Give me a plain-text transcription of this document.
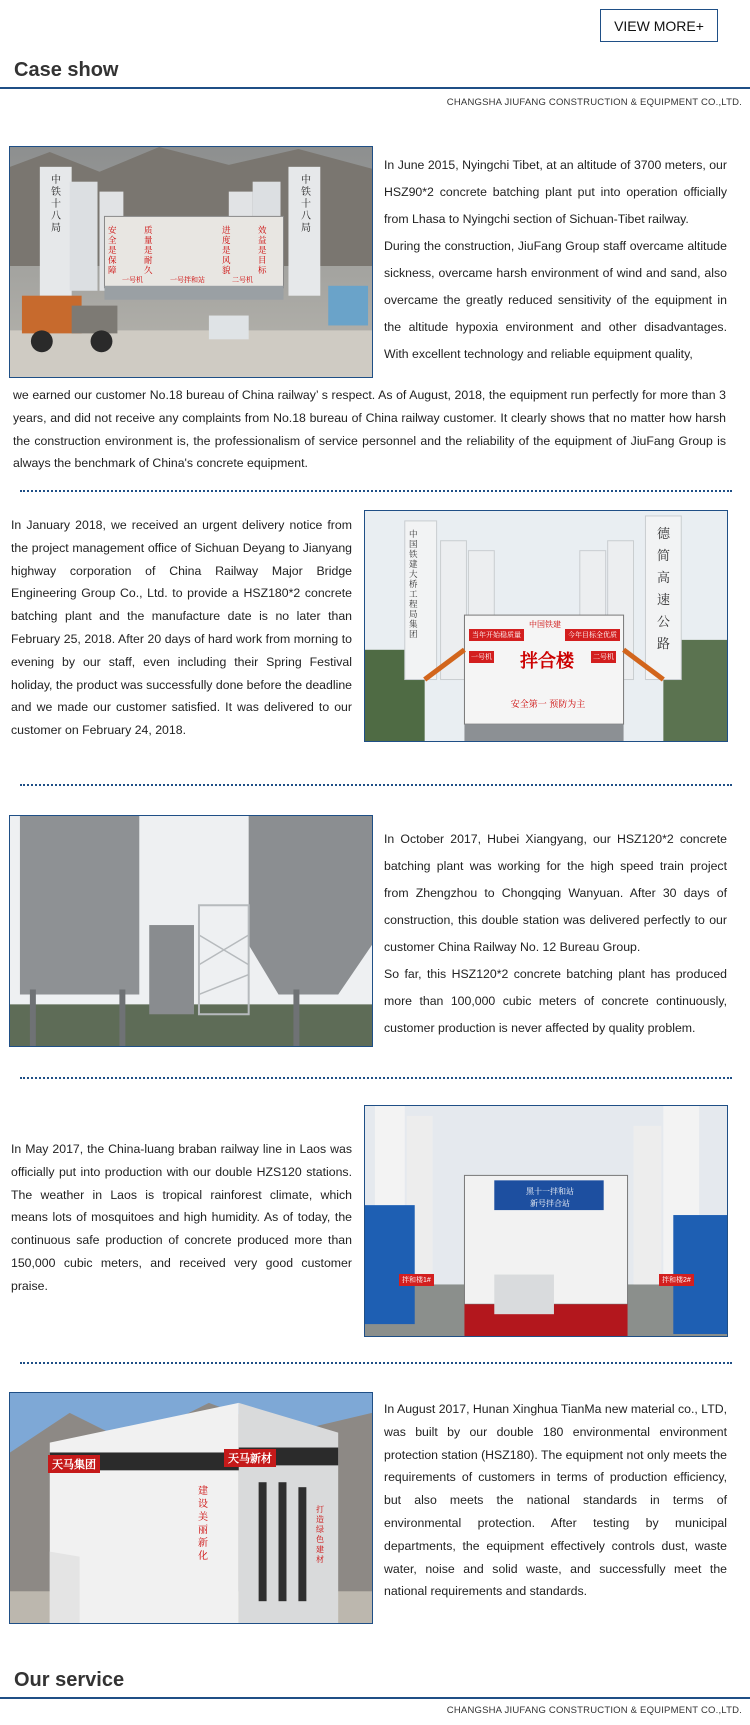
VIEW MORE+
Case show
CHANGSHA JIUFANG CONSTRUCTION & EQUIPMENT CO.,LTD.
中铁十八局
中铁十八局
安全是保障
质量是耐久
进度是风貌
效益是目标
一号机	一号拌和站	二号机

In June 2015, Nyingchi Tibet, at an altitude of 3700 meters, our HSZ90*2 concrete batching plant put into operation officially from Lhasa to Nyingchi section of Sichuan-Tibet railway.

During the construction, JiuFang Group staff overcame altitude sickness, overcame harsh environment of wind and sand, also overcame the greatly reduced sensitivity of the equipment in the altitude hypoxia environment and other disadvantages. With excellent technology and reliable equipment quality,

we earned our customer No.18 bureau of China railway’ s respect. As of August, 2018, the equipment run perfectly for more than 3 years, and did not receive any complaints from No.18 bureau of China railway customer. It clearly shows that no matter how harsh the construction environment is, the professionalism of service personnel and the reliability of the equipment of JiuFang Group is always the benchmark of China's concrete equipment.
In January 2018, we received an urgent delivery notice from the project management office of Sichuan Deyang to Jianyang highway corporation of China Railway Major Bridge Engineering Group Co., Ltd. to provide a HSZ180*2 concrete batching plant and the manufacture date is no later than February 25, 2018. After 20 days of hard work from morning to evening by our staff, even including their Spring Festival holiday, the product was successfully done before the deadline and we made our customer satisfied. It was delivered to our customer on February 24, 2018.
中国铁建大桥工程局集团
德简高速公路
中国铁建
当年开始稳质量	今年目标全优质
拌合楼
一号机	二号机
安全第一 预防为主

In October 2017, Hubei Xiangyang, our HSZ120*2 concrete batching plant was working for the high speed train project from Zhengzhou to Chongqing Wanyuan. After 30 days of construction, this double station was delivered perfectly to our customer China Railway No. 12 Bureau Group.

So far, this HSZ120*2 concrete batching plant has produced more than 100,000 cubic meters of concrete continuously, customer production is never affected by quality problem.

In May 2017, the China-luang braban railway line in Laos was officially put into production with our double HZS120 stations. The weather in Laos is tropical rainforest climate, which means lots of mosquitoes and high humidity. As of today, the continuous safe production of concrete produced more than 150,000 cubic meters, and received very good customer praise.
黑十一拌和站
新号拌合站
拌和楼1#	拌和楼2#
天马集团	天马新材
建设美丽新化
打造绿色建材
In August 2017, Hunan Xinghua TianMa new material co., LTD, was built by our double 180 environmental environment protection station (HSZ180). The equipment not only meets the requirements of customers in terms of production efficiency, but also meets the national standards in terms of environmental protection. After testing by municipal departments, the equipment effectively controls dust, waste water, noise and solid waste, and successfully meet the national requirements and standards.
Our service
CHANGSHA JIUFANG CONSTRUCTION & EQUIPMENT CO.,LTD.
